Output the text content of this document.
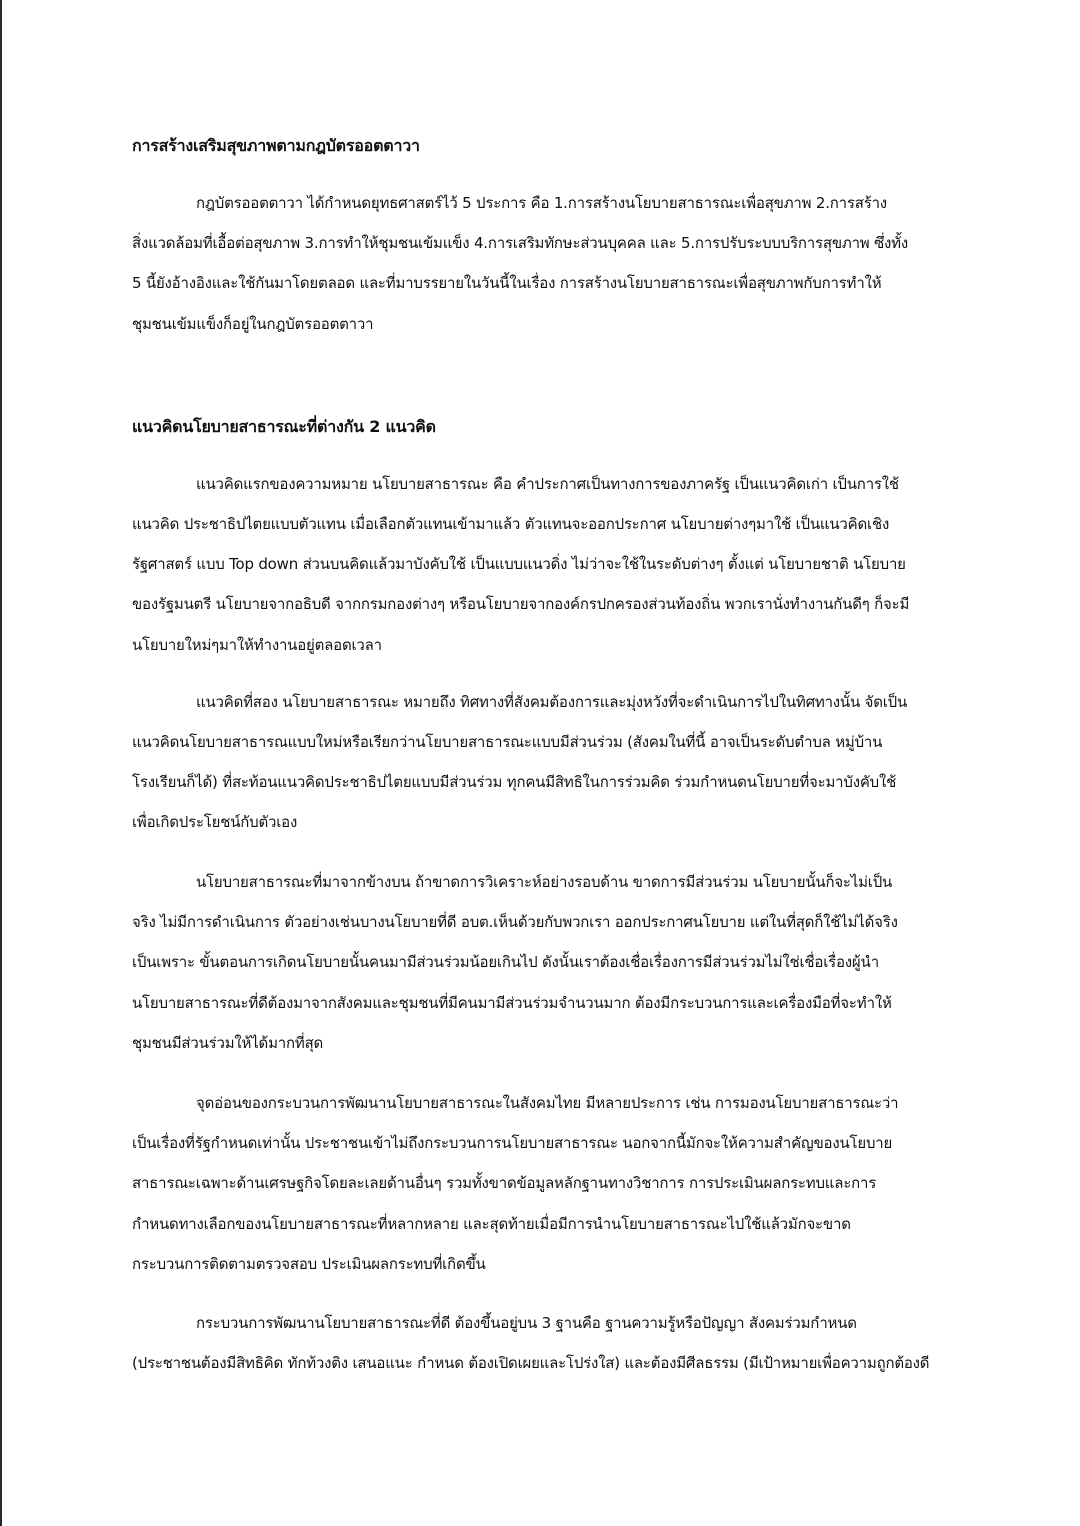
การสร้างเสริมสุขภาพตามกฎบัตรออตตาวา
กฎบัตรออตตาวา ได้กำหนดยุทธศาสตร์ไว้ 5 ประการ คือ 1.การสร้างนโยบายสาธารณะเพื่อสุขภาพ 2.การสร้าง
สิ่งแวดล้อมที่เอื้อต่อสุขภาพ 3.การทำให้ชุมชนเข้มแข็ง 4.การเสริมทักษะส่วนบุคคล และ 5.การปรับระบบบริการสุขภาพ ซึ่งทั้ง
5 นี้ยังอ้างอิงและใช้กันมาโดยตลอด และที่มาบรรยายในวันนี้ในเรื่อง การสร้างนโยบายสาธารณะเพื่อสุขภาพกับการทำให้
ชุมชนเข้มแข็งก็อยู่ในกฎบัตรออตตาวา
แนวคิดนโยบายสาธารณะที่ต่างกัน 2 แนวคิด
แนวคิดแรกของความหมาย นโยบายสาธารณะ คือ คำประกาศเป็นทางการของภาครัฐ เป็นแนวคิดเก่า เป็นการใช้
แนวคิด ประชาธิปไตยแบบตัวแทน เมื่อเลือกตัวแทนเข้ามาแล้ว ตัวแทนจะออกประกาศ นโยบายต่างๆมาใช้ เป็นแนวคิดเชิง
รัฐศาสตร์ แบบ Top down ส่วนบนคิดแล้วมาบังคับใช้ เป็นแบบแนวดิ่ง ไม่ว่าจะใช้ในระดับต่างๆ ตั้งแต่ นโยบายชาติ นโยบาย
ของรัฐมนตรี นโยบายจากอธิบดี จากกรมกองต่างๆ หรือนโยบายจากองค์กรปกครองส่วนท้องถิ่น พวกเรานั่งทำงานกันดีๆ ก็จะมี
นโยบายใหม่ๆมาให้ทำงานอยู่ตลอดเวลา
แนวคิดที่สอง นโยบายสาธารณะ หมายถึง ทิศทางที่สังคมต้องการและมุ่งหวังที่จะดำเนินการไปในทิศทางนั้น จัดเป็น
แนวคิดนโยบายสาธารณแบบใหม่หรือเรียกว่านโยบายสาธารณะแบบมีส่วนร่วม (สังคมในที่นี้ อาจเป็นระดับตำบล หมู่บ้าน
โรงเรียนก็ได้) ที่สะท้อนแนวคิดประชาธิปไตยแบบมีส่วนร่วม ทุกคนมีสิทธิในการร่วมคิด ร่วมกำหนดนโยบายที่จะมาบังคับใช้
เพื่อเกิดประโยชน์กับตัวเอง
นโยบายสาธารณะที่มาจากข้างบน ถ้าขาดการวิเคราะห์อย่างรอบด้าน ขาดการมีส่วนร่วม นโยบายนั้นก็จะไม่เป็น
จริง ไม่มีการดำเนินการ ตัวอย่างเช่นบางนโยบายที่ดี อบต.เห็นด้วยกับพวกเรา ออกประกาศนโยบาย แต่ในที่สุดก็ใช้ไม่ได้จริง
เป็นเพราะ ขั้นตอนการเกิดนโยบายนั้นคนมามีส่วนร่วมน้อยเกินไป ดังนั้นเราต้องเชื่อเรื่องการมีส่วนร่วมไม่ใช่เชื่อเรื่องผู้นำ
นโยบายสาธารณะที่ดีต้องมาจากสังคมและชุมชนที่มีคนมามีส่วนร่วมจำนวนมาก ต้องมีกระบวนการและเครื่องมือที่จะทำให้
ชุมชนมีส่วนร่วมให้ได้มากที่สุด
จุดอ่อนของกระบวนการพัฒนานโยบายสาธารณะในสังคมไทย มีหลายประการ เช่น การมองนโยบายสาธารณะว่า
เป็นเรื่องที่รัฐกำหนดเท่านั้น ประชาชนเข้าไม่ถึงกระบวนการนโยบายสาธารณะ นอกจากนี้มักจะให้ความสำคัญของนโยบาย
สาธารณะเฉพาะด้านเศรษฐกิจโดยละเลยด้านอื่นๆ รวมทั้งขาดข้อมูลหลักฐานทางวิชาการ การประเมินผลกระทบและการ
กำหนดทางเลือกของนโยบายสาธารณะที่หลากหลาย และสุดท้ายเมื่อมีการนำนโยบายสาธารณะไปใช้แล้วมักจะขาด
กระบวนการติดตามตรวจสอบ ประเมินผลกระทบที่เกิดขึ้น
กระบวนการพัฒนานโยบายสาธารณะที่ดี ต้องขึ้นอยู่บน 3 ฐานคือ ฐานความรู้หรือปัญญา สังคมร่วมกำหนด
(ประชาชนต้องมีสิทธิคิด ทักท้วงติง เสนอแนะ กำหนด ต้องเปิดเผยและโปร่งใส) และต้องมีศีลธรรม (มีเป้าหมายเพื่อความถูกต้องดี
